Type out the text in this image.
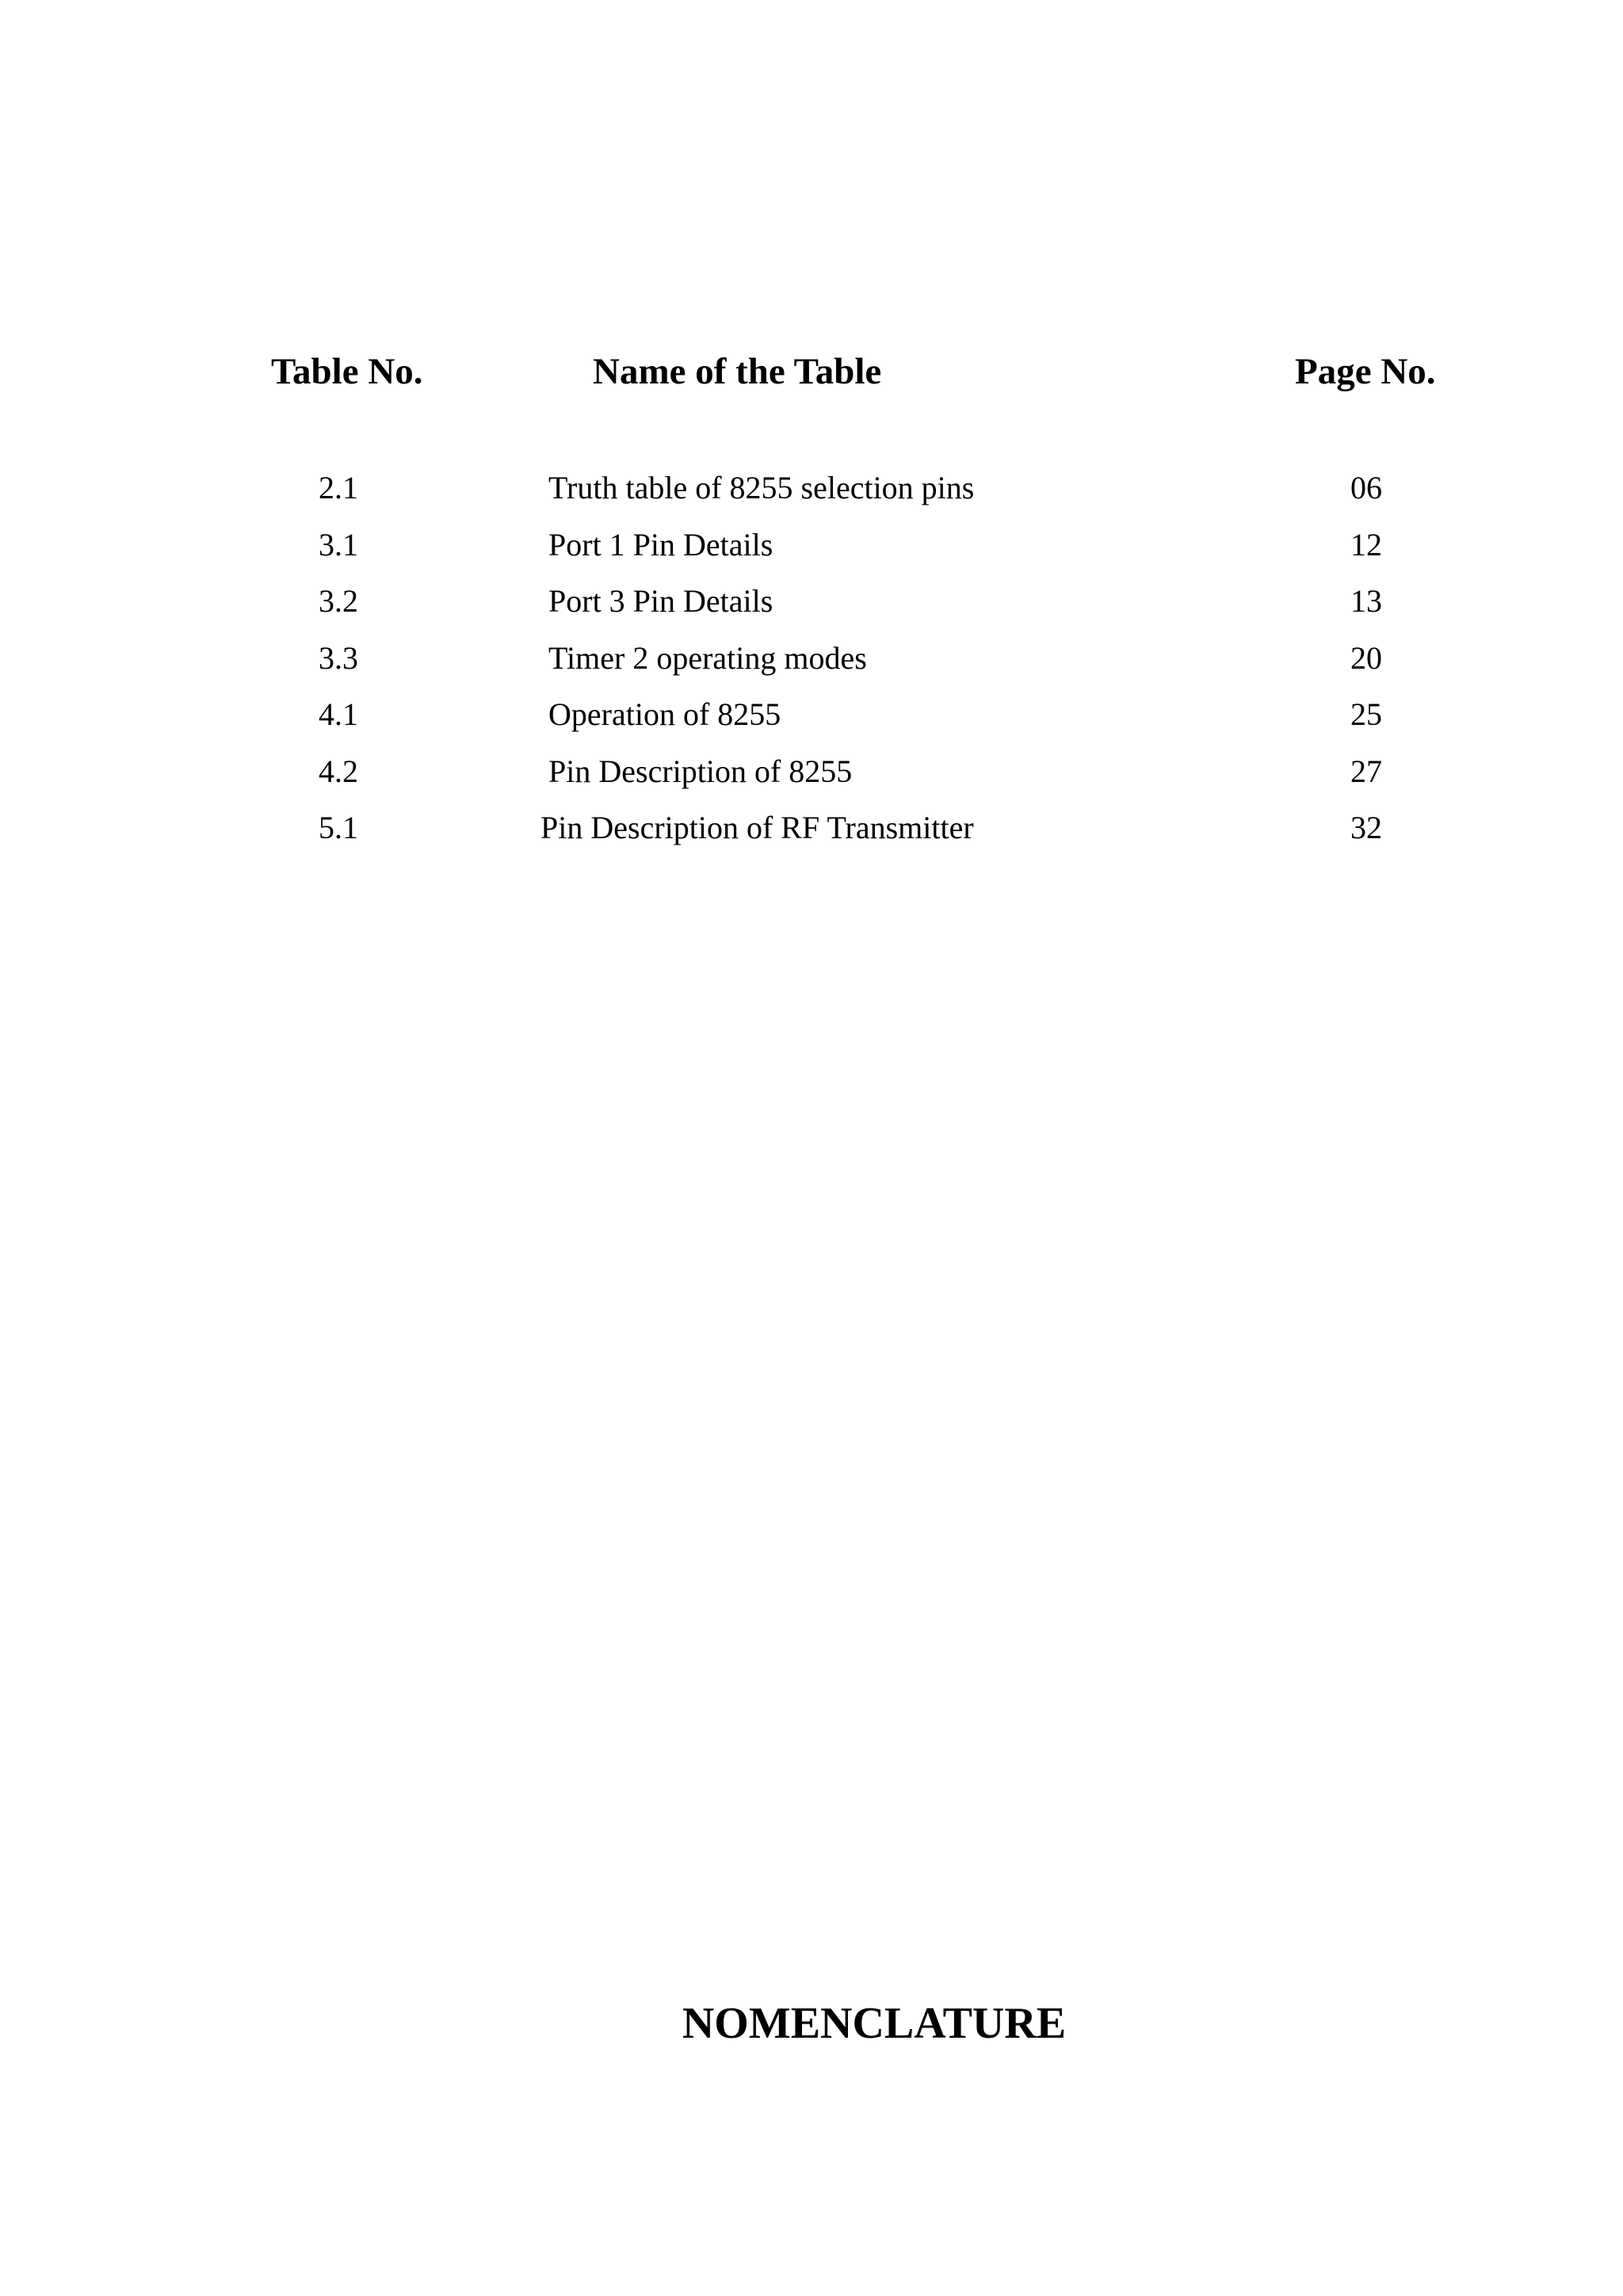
Table No.	Name of the Table	Page No.
2.1	Truth table of 8255 selection pins	06
3.1	Port 1 Pin Details	12
3.2	Port 3 Pin Details	13
3.3	Timer 2 operating modes	20
4.1	Operation of 8255	25
4.2	Pin Description of 8255	27
5.1	Pin Description of RF Transmitter	32
NOMENCLATURE
